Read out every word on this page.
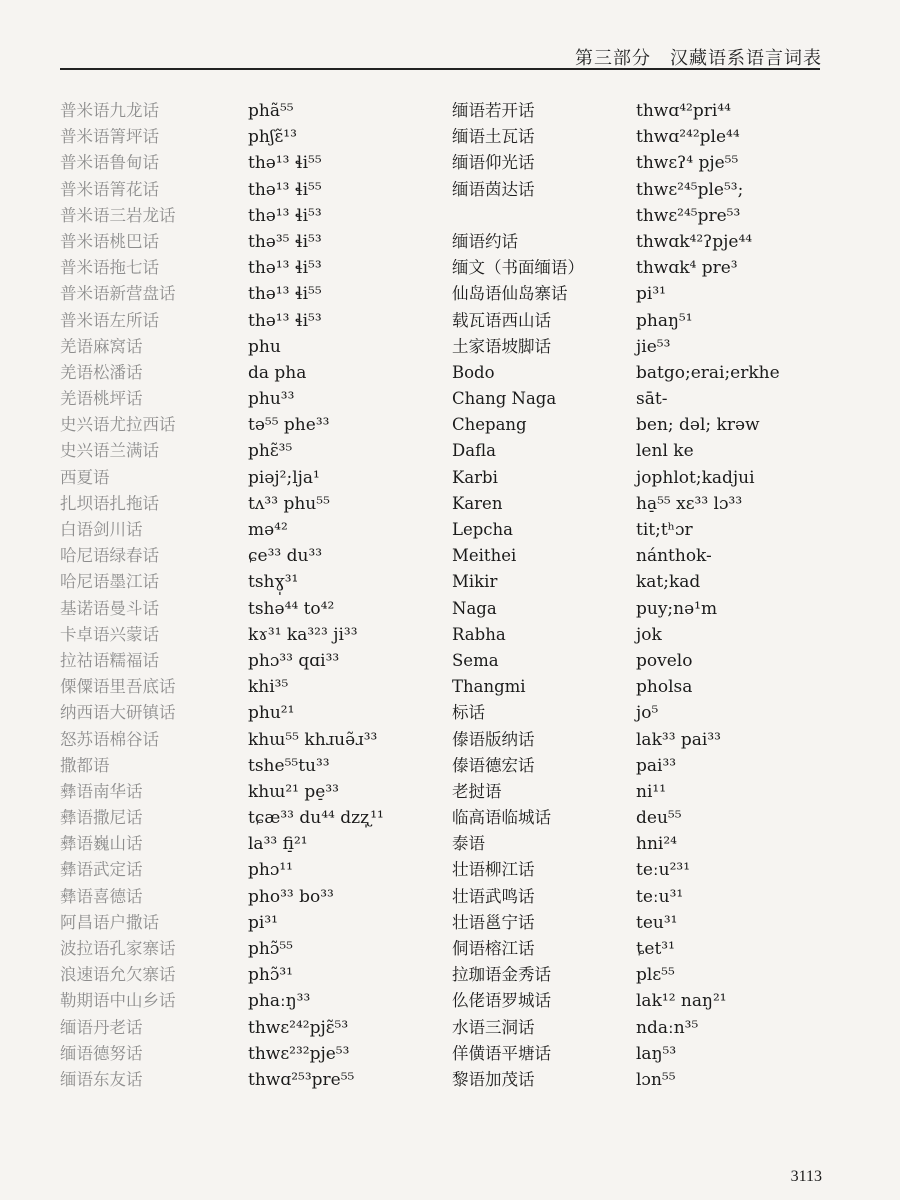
第三部分　汉藏语系语言词表
普米语九龙话
普米语箐坪话
普米语鲁甸话
普米语箐花话
普米语三岩龙话
普米语桃巴话
普米语拖七话
普米语新营盘话
普米语左所话
羌语麻窝话
羌语松潘话
羌语桃坪话
史兴语尤拉西话
史兴语兰满话
西夏语
扎坝语扎拖话
白语剑川话
哈尼语绿春话
哈尼语墨江话
基诺语曼斗话
卡卓语兴蒙话
拉祜语糯福话
傈僳语里吾底话
纳西语大研镇话
怒苏语棉谷话
撒都语
彝语南华话
彝语撒尼话
彝语巍山话
彝语武定话
彝语喜德话
阿昌语户撒话
波拉语孔家寨话
浪速语允欠寨话
勒期语中山乡话
缅语丹老话
缅语德努话
缅语东友话
phã⁵⁵
phʃɛ̃¹³
thə¹³ ɬi⁵⁵
thə¹³ ɬi⁵⁵
thə¹³ ɬi⁵³
thə³⁵ ɬi⁵³
thə¹³ ɬi⁵³
thə¹³ ɬi⁵⁵
thə¹³ ɬi⁵³
phu
da pha
phu³³
tə⁵⁵ phe³³
phɛ̃³⁵
piəj²;lja¹
tʌ³³ phu⁵⁵
mə⁴²
ɕe³³ du³³
tshɣ̩³¹
tshə⁴⁴ to⁴²
kɤ³¹ ka³²³ ji³³
phɔ³³ qɑi³³
khi³⁵
phu²¹
khɯ⁵⁵ khɹuə̃ɹ³³
tshe⁵⁵tu³³
khɯ²¹ pe̠³³
tɕæ³³ du⁴⁴ dzʐ̩¹¹
la³³ fi̠²¹
phɔ¹¹
pho³³ bo³³
pi³¹
phɔ̃⁵⁵
phɔ̃³¹
phaːŋ³³
thwɛ²⁴²pjɛ̃⁵³
thwɛ²³²pje⁵³
thwɑ²⁵³pre⁵⁵
缅语若开话
缅语土瓦话
缅语仰光话
缅语茵达话
缅语约话
缅文（书面缅语）
仙岛语仙岛寨话
载瓦语西山话
土家语坡脚话
Bodo
Chang Naga
Chepang
Dafla
Karbi
Karen
Lepcha
Meithei
Mikir
Naga
Rabha
Sema
Thangmi
标话
傣语版纳话
傣语德宏话
老挝语
临高语临城话
泰语
壮语柳江话
壮语武鸣话
壮语邕宁话
侗语榕江话
拉珈语金秀话
仫佬语罗城话
水语三洞话
佯僙语平塘话
黎语加茂话
thwɑ⁴²pri⁴⁴
thwɑ²⁴²ple⁴⁴
thwɛʔ⁴ pje⁵⁵
thwɛ²⁴⁵ple⁵³;
thwɛ²⁴⁵pre⁵³
thwɑk⁴²ʔpje⁴⁴
thwɑk⁴ pre³
pi³¹
phaŋ⁵¹
jie⁵³
batgo;erai;erkhe
sāt-
ben; dəl; krəw
lenl ke
jophlot;kadjui
ha̠⁵⁵ xɛ³³ lɔ³³
tit;tʰɔr
nánthok-
kat;kad
puy;nə¹m
jok
povelo
pholsa
jo⁵
lak³³ pai³³
pai³³
ni¹¹
deu⁵⁵
hni²⁴
teːu²³¹
teːu³¹
teu³¹
ȶet³¹
plɛ⁵⁵
lak¹² naŋ²¹
ndaːn³⁵
laŋ⁵³
lɔn⁵⁵
3113
